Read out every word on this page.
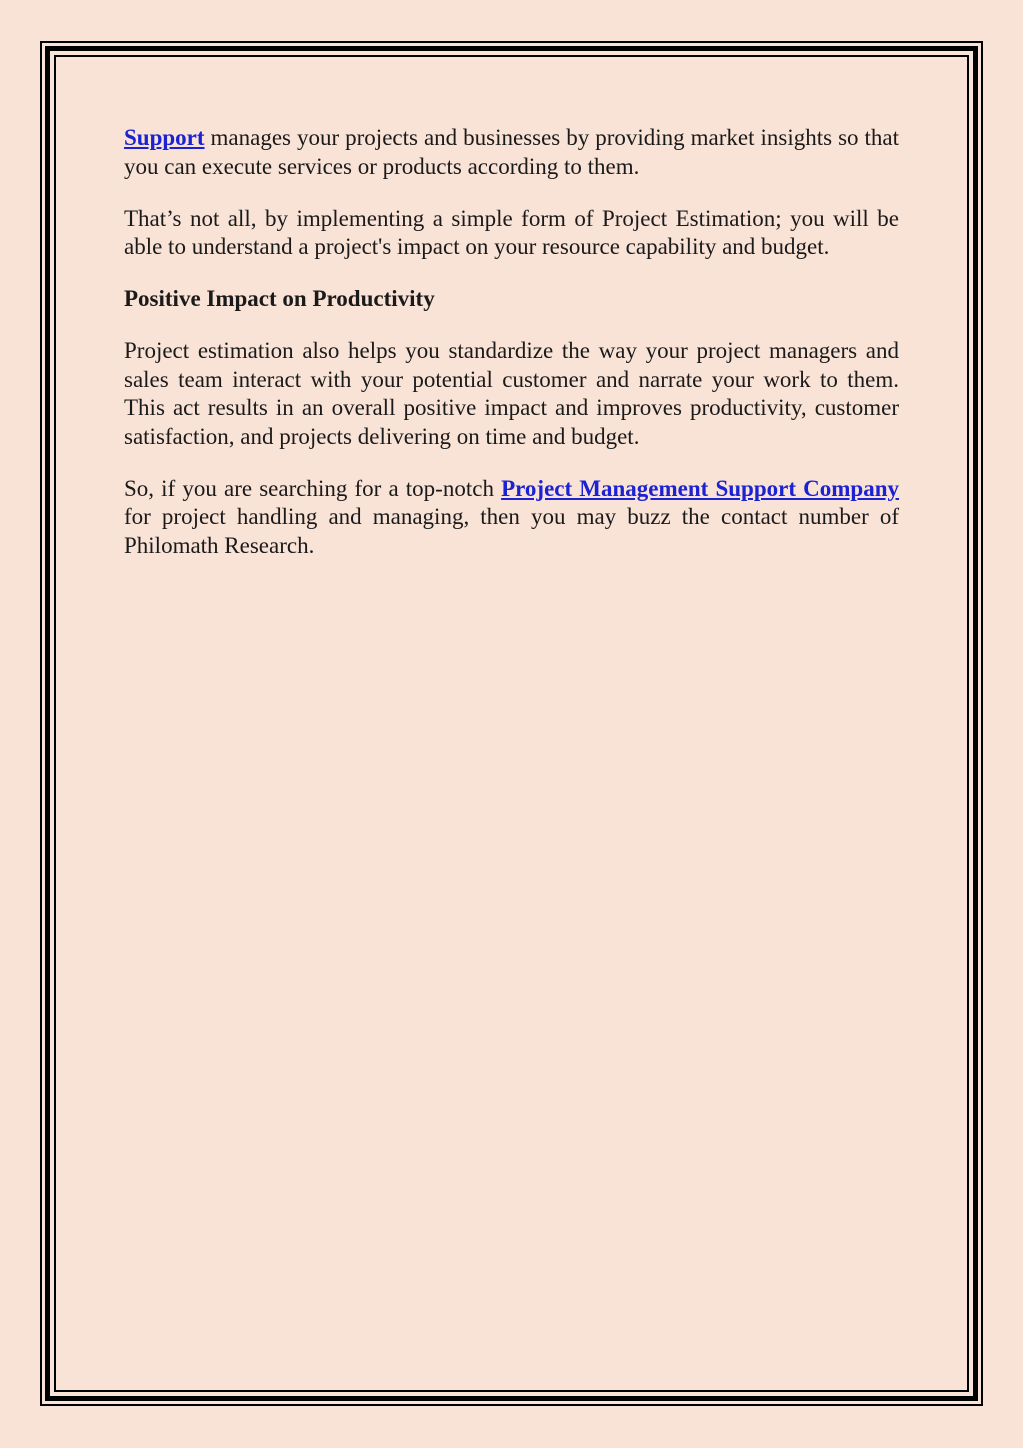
Support manages your projects and businesses by providing market insights so that you can execute services or products according to them.

That’s not all, by implementing a simple form of Project Estimation; you will be able to understand a project's impact on your resource capability and budget.

Positive Impact on Productivity

Project estimation also helps you standardize the way your project managers and sales team interact with your potential customer and narrate your work to them. This act results in an overall positive impact and improves productivity, customer satisfaction, and projects delivering on time and budget.

So, if you are searching for a top-notch Project Management Support Company for project handling and managing, then you may buzz the contact number of Philomath Research.
